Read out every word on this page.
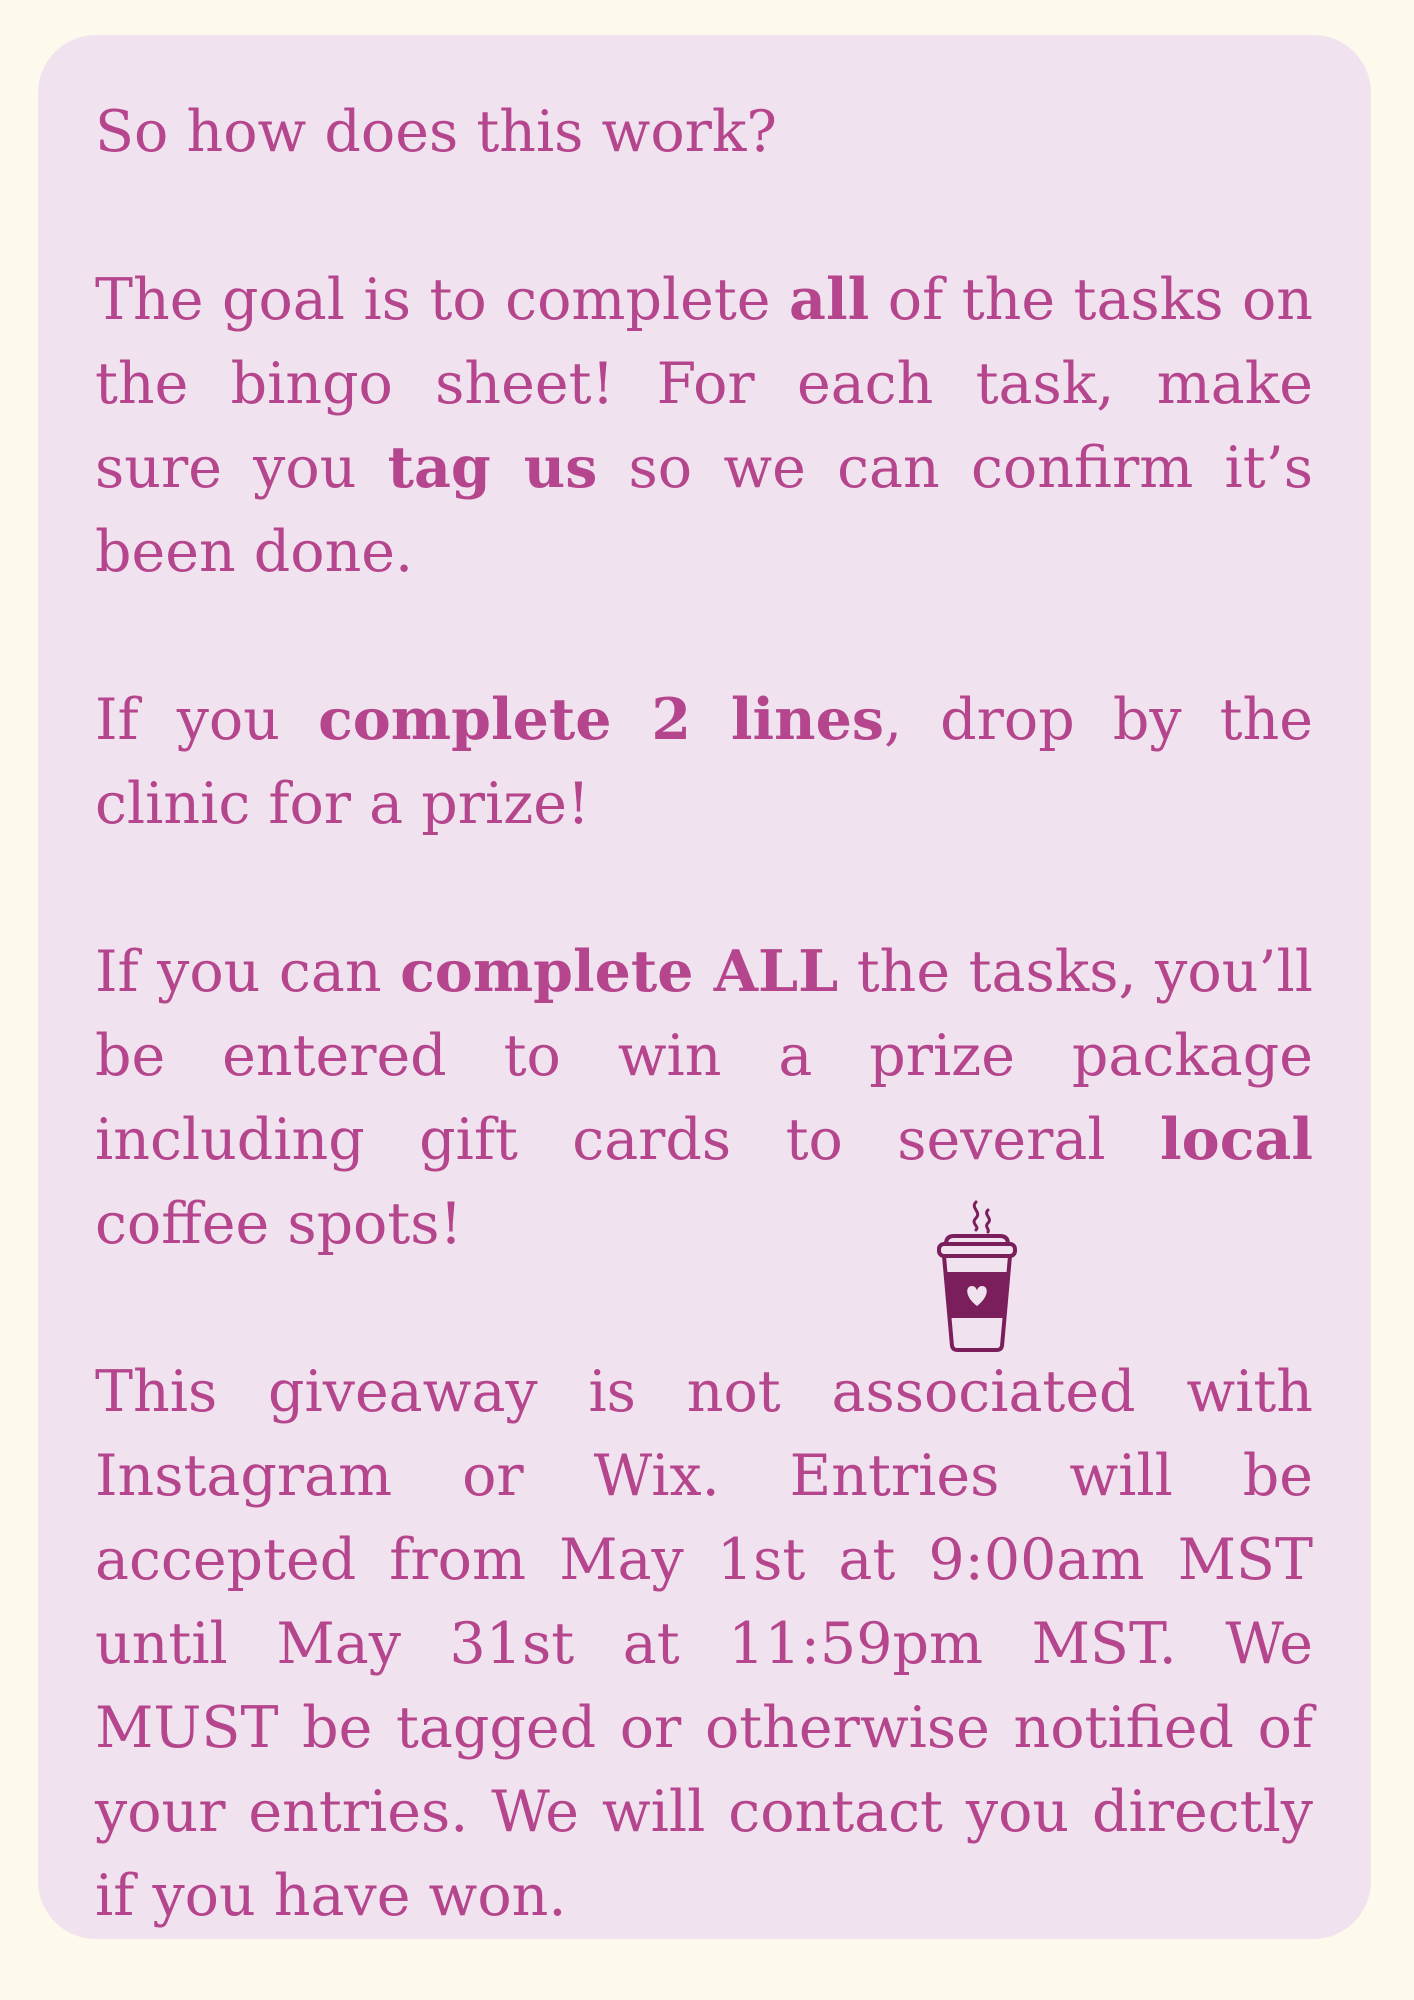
So how does this work?

The goal is to complete all of the tasks on the bingo sheet! For each task, make sure you tag us so we can confirm it’s been done.

If you complete 2 lines, drop by the clinic for a prize!

If you can complete ALL the tasks, you’ll be entered to win a prize package including gift cards to several local coffee spots!

This giveaway is not associated with Instagram or Wix. Entries will be accepted from May 1st at 9:00am MST until May 31st at 11:59pm MST. We MUST be tagged or otherwise notified of your entries. We will contact you directly if you have won.
